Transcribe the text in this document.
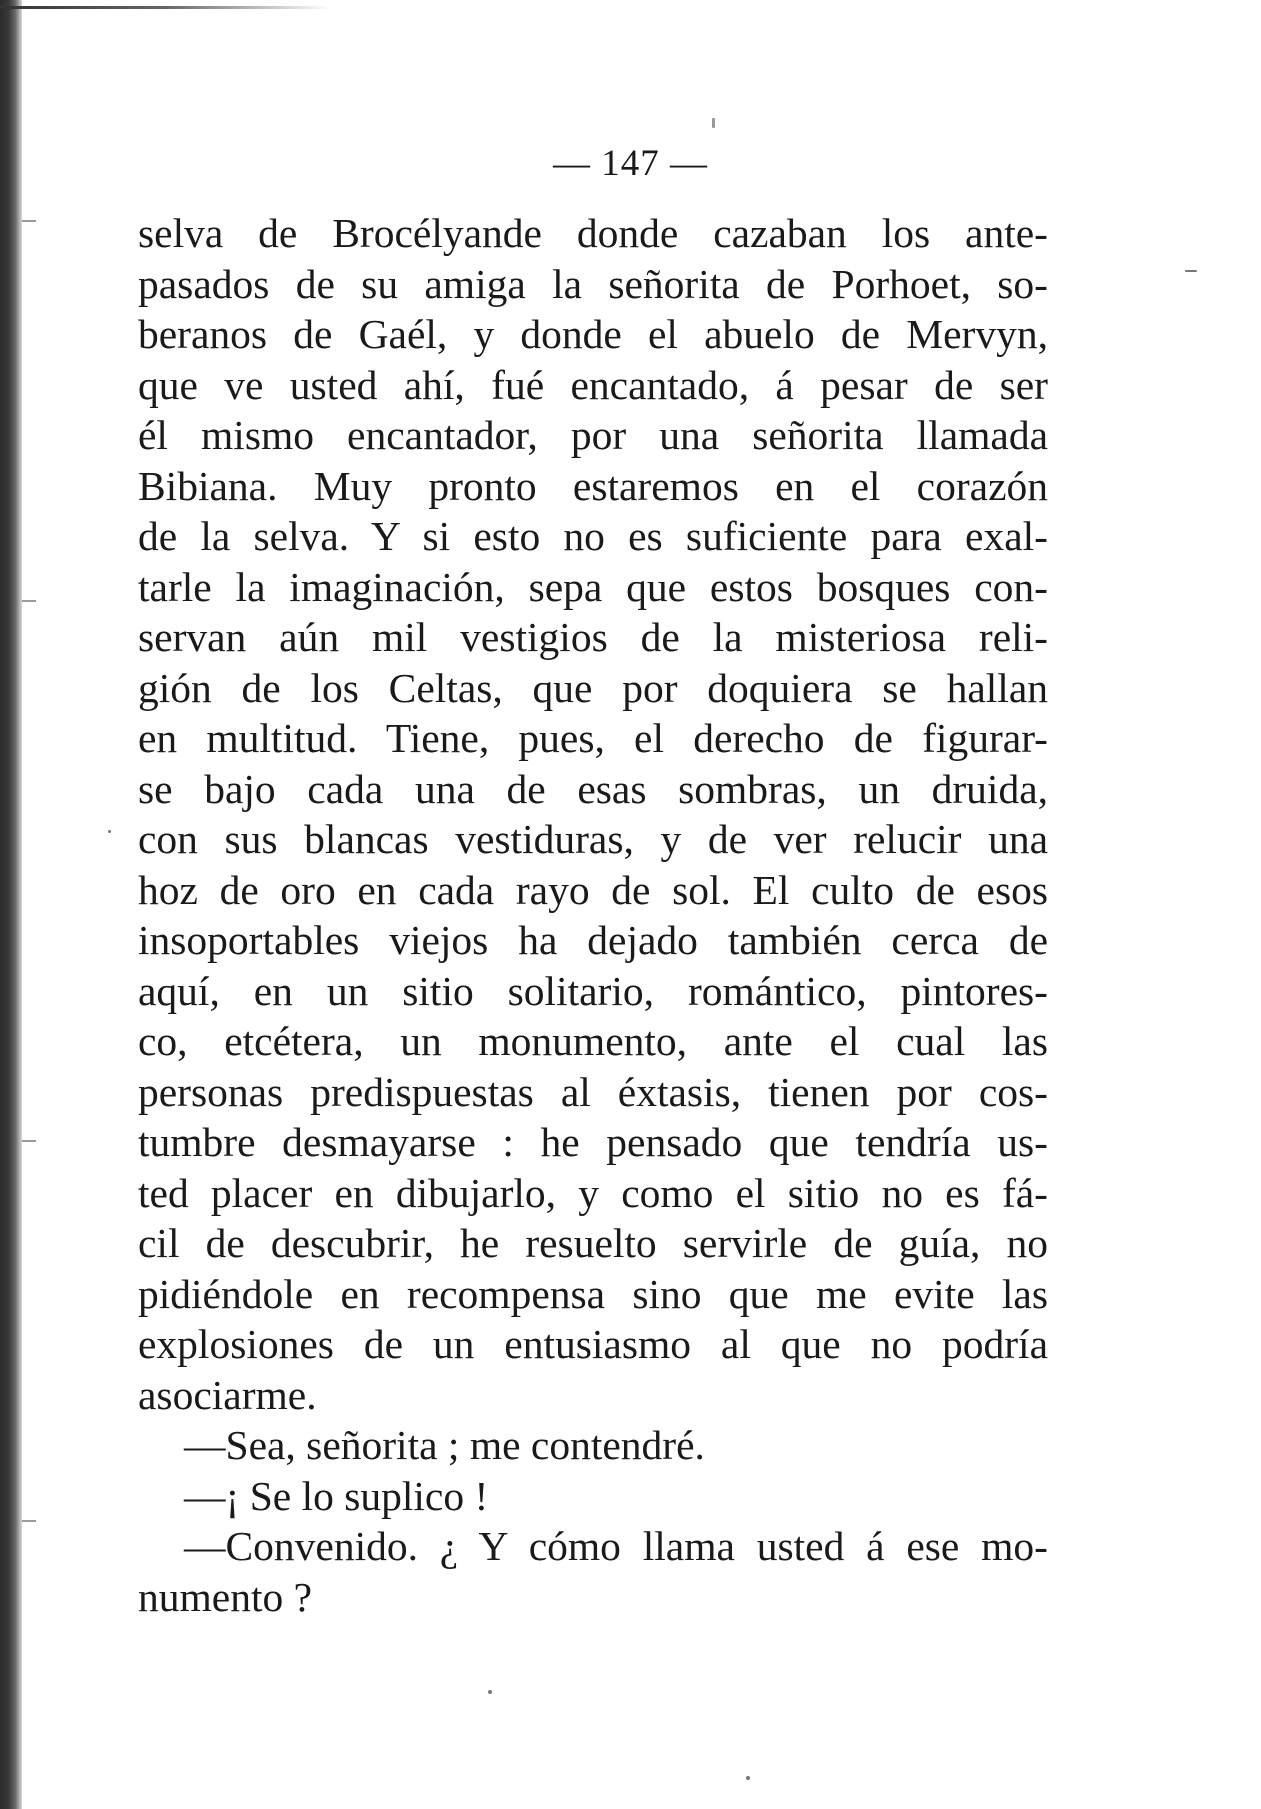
— 147 —
selva de Brocélyande donde cazaban los ante-
pasados de su amiga la señorita de Porhoet, so-
beranos de Gaél, y donde el abuelo de Mervyn,
que ve usted ahí, fué encantado, á pesar de ser
él mismo encantador, por una señorita llamada
Bibiana. Muy pronto estaremos en el corazón
de la selva. Y si esto no es suficiente para exal-
tarle la imaginación, sepa que estos bosques con-
servan aún mil vestigios de la misteriosa reli-
gión de los Celtas, que por doquiera se hallan
en multitud. Tiene, pues, el derecho de figurar-
se bajo cada una de esas sombras, un druida,
con sus blancas vestiduras, y de ver relucir una
hoz de oro en cada rayo de sol. El culto de esos
insoportables viejos ha dejado también cerca de
aquí, en un sitio solitario, romántico, pintores-
co, etcétera, un monumento, ante el cual las
personas predispuestas al éxtasis, tienen por cos-
tumbre desmayarse : he pensado que tendría us-
ted placer en dibujarlo, y como el sitio no es fá-
cil de descubrir, he resuelto servirle de guía, no
pidiéndole en recompensa sino que me evite las
explosiones de un entusiasmo al que no podría
asociarme.
—Sea, señorita ; me contendré.
—¡ Se lo suplico !
—Convenido. ¿ Y cómo llama usted á ese mo-
numento ?
